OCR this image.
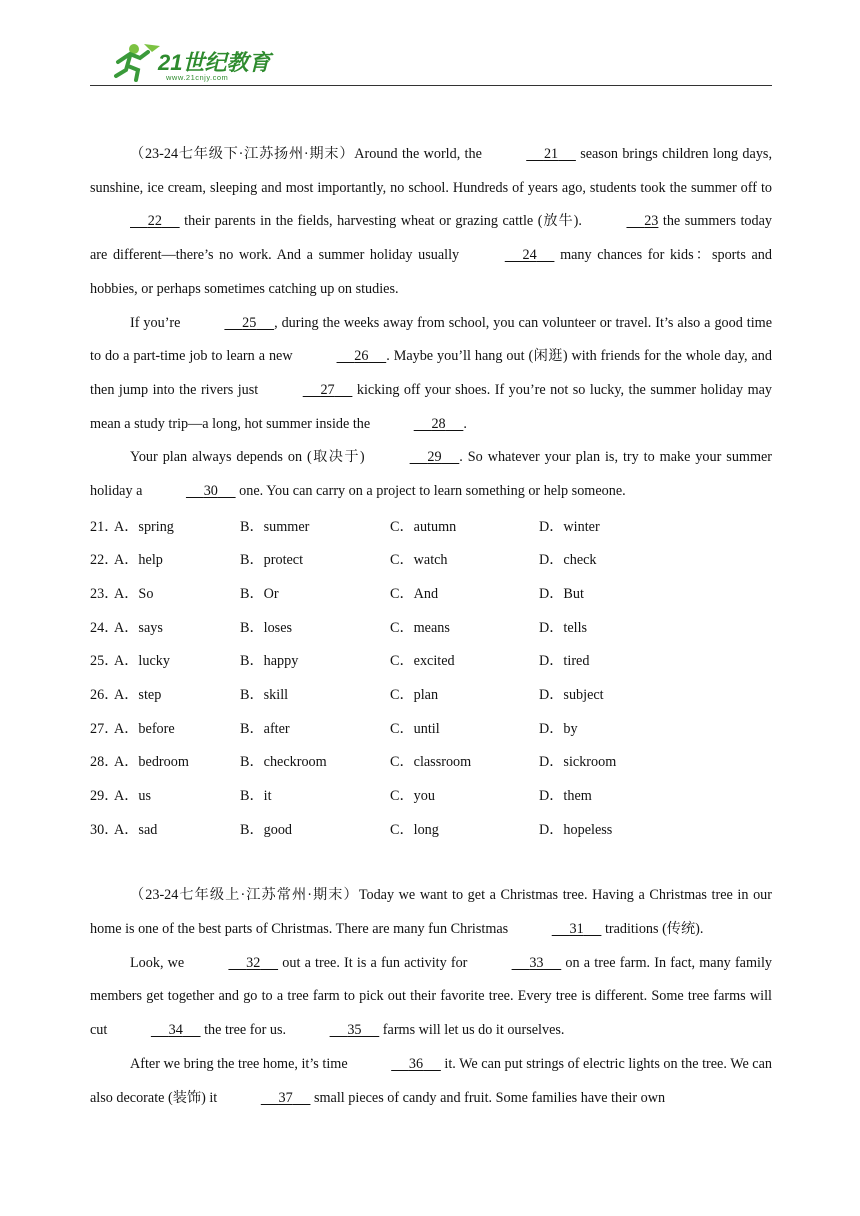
21世纪教育
www.21cnjy.com

（23-24七年级下·江苏扬州·期末）Around the world, the	21      season brings children long days, sunshine, ice cream, sleeping and most importantly, no school. Hundreds of years ago, students took the summer off to      22      their parents in the fields, harvesting wheat or grazing cattle (放牛).	23 the summers today are different—there’s no work. And a summer holiday usually	24      many chances for kids：sports and hobbies, or perhaps sometimes catching up on studies.

If you’re	25 , during the weeks away from school, you can volunteer or travel. It’s also a good time to do a part-time job to learn a new	26 . Maybe you’ll hang out (闲逛) with friends for the whole day, and then jump into the rivers just	27      kicking off your shoes. If you’re not so lucky, the summer holiday may mean a study trip—a long, hot summer inside the	28 .

Your plan always depends on (取决于)	29 . So whatever your plan is, try to make your summer holiday a	30      one. You can carry on a project to learn something or help someone.

21．
A．spring	B．summer	C．autumn	D．winter
22．
A．help	B．protect	C．watch	D．check
23．
A．So	B．Or	C．And	D．But
24．
A．says	B．loses	C．means	D．tells
25．
A．lucky	B．happy	C．excited	D．tired
26．
A．step	B．skill	C．plan	D．subject
27．
A．before	B．after	C．until	D．by
28．
A．bedroom	B．checkroom	C．classroom	D．sickroom
29．
A．us	B．it	C．you	D．them
30．
A．sad	B．good	C．long	D．hopeless

（23-24七年级上·江苏常州·期末）Today we want to get a Christmas tree. Having a Christmas tree in our home is one of the best parts of Christmas. There are many fun Christmas	31      traditions (传统).

Look, we	32      out a tree. It is a fun activity for	33      on a tree farm. In fact, many family members get together and go to a tree farm to pick out their favorite tree. Every tree is different. Some tree farms will cut	34      the tree for us.	35      farms will let us do it ourselves.

After we bring the tree home, it’s time	36      it. We can put strings of electric lights on the tree. We can also decorate (装饰) it	37      small pieces of candy and fruit. Some families have their own
